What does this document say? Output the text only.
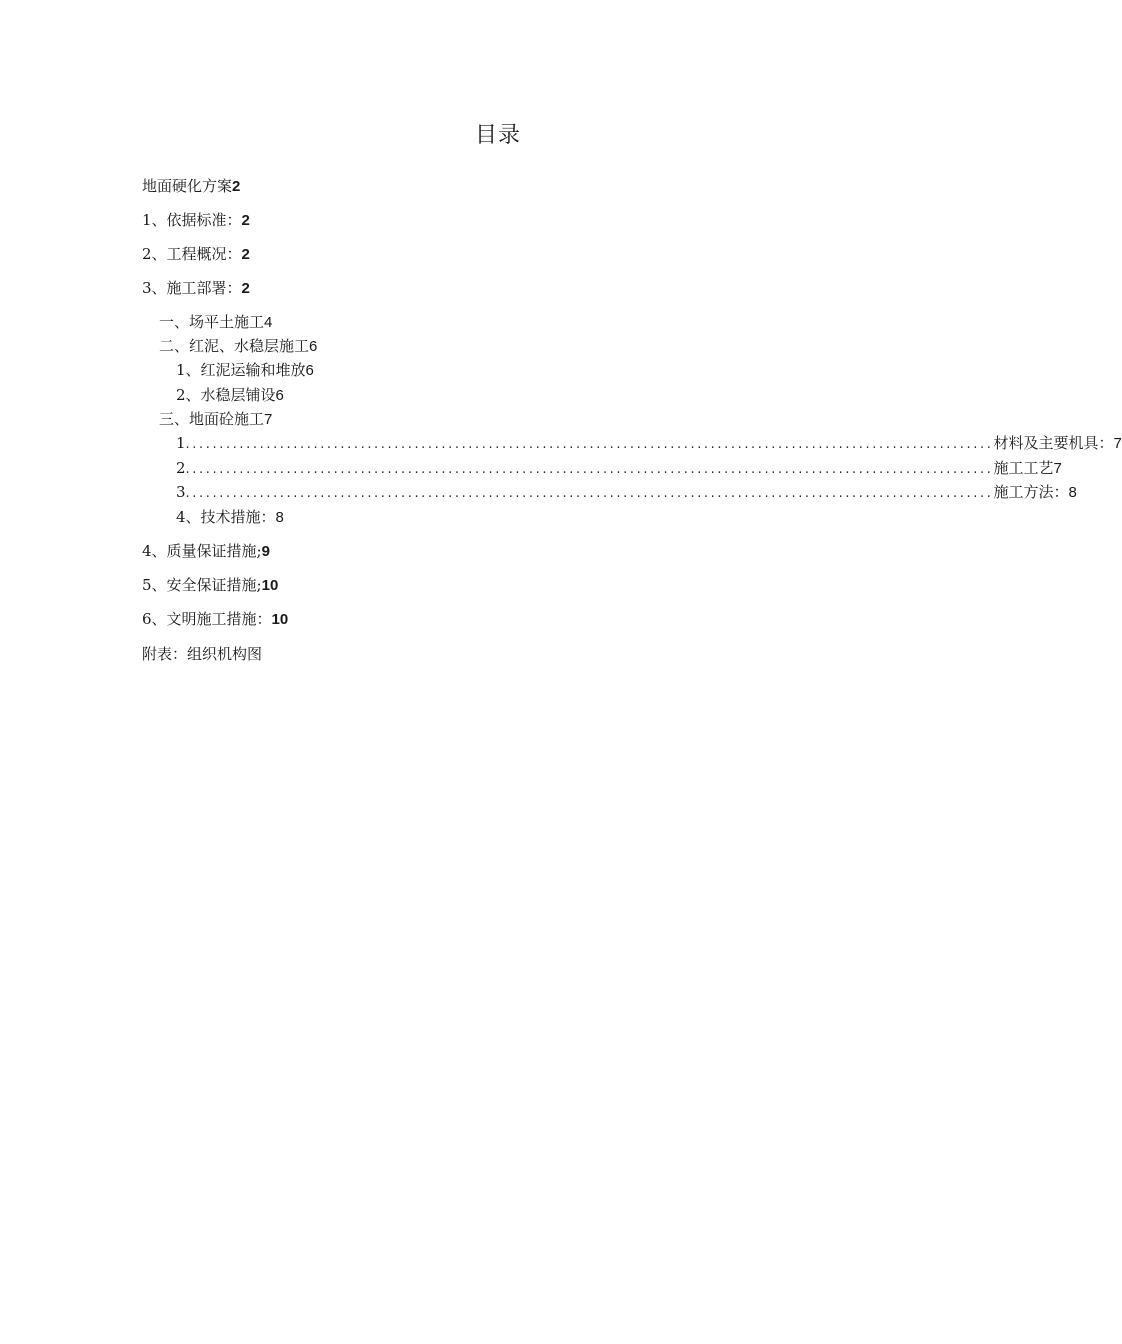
目录
地面硬化方案2
1、依据标准：2
2、工程概况：2
3、施工部署：2
一、场平土施工4
二、红泥、水稳层施工6
1、红泥运输和堆放6
2、水稳层铺设6
三、地面砼施工7
1 ........................................................................................................................ 材料及主要机具：7
2 ........................................................................................................................ 施工工艺7
3 ........................................................................................................................ 施工方法：8
4、技术措施：8
4、质量保证措施;9
5、安全保证措施;10
6、文明施工措施：10
附表：组织机构图
